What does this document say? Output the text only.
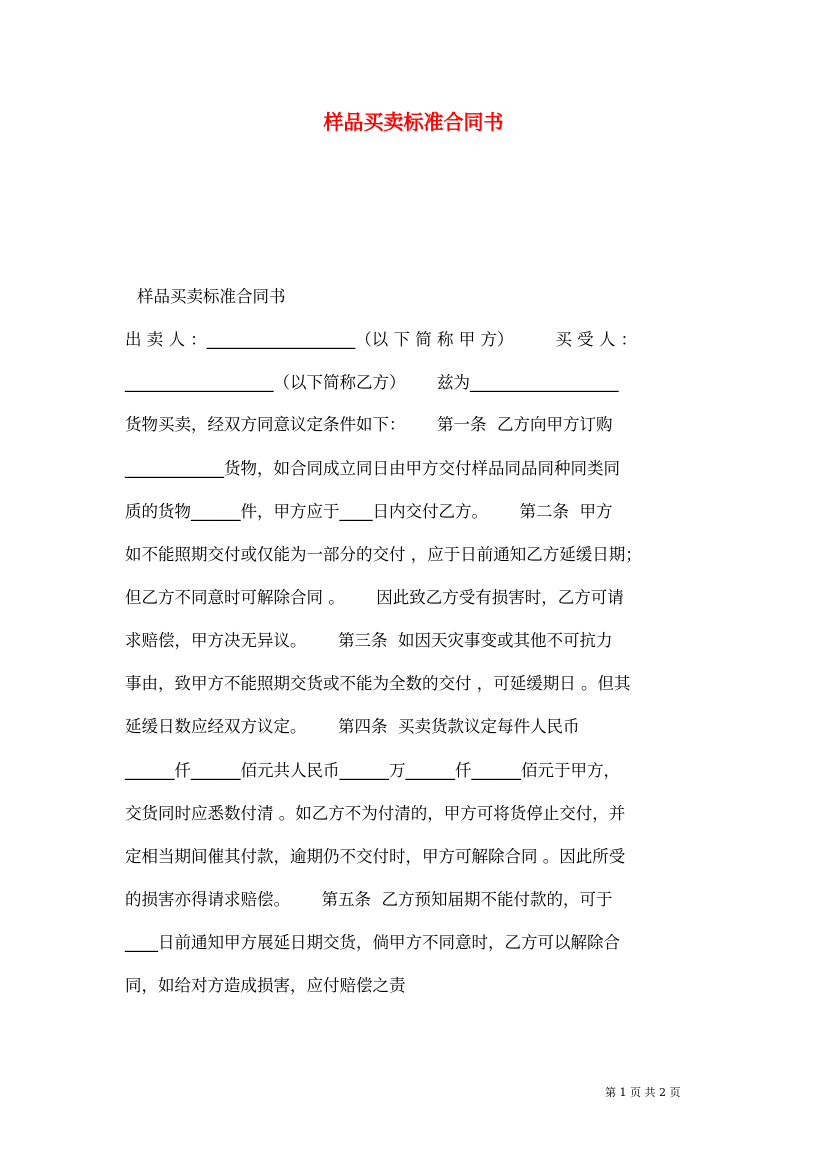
样品买卖标准合同书

样品买卖标准合同书

出 卖 人 ：__________________（以 下 简 称 甲 方）        买 受 人 ：

__________________（以下简称乙方）      兹为__________________

货物买卖，经双方同意议定条件如下：      第一条  乙方向甲方订购

____________货物，如合同成立同日由甲方交付样品同品同种同类同

质的货物______件，甲方应于____日内交付乙方。      第二条  甲方

如不能照期交付或仅能为一部分的交付 ，应于日前通知乙方延缓日期；

但乙方不同意时可解除合同 。      因此致乙方受有损害时，乙方可请

求赔偿，甲方决无异议。      第三条  如因天灾事变或其他不可抗力

事由，致甲方不能照期交货或不能为全数的交付 ，可延缓期日 。但其

延缓日数应经双方议定。      第四条  买卖货款议定每件人民币

______仟______佰元共人民币______万______仟______佰元于甲方，

交货同时应悉数付清 。如乙方不为付清的，甲方可将货停止交付，并

定相当期间催其付款，逾期仍不交付时，甲方可解除合同 。因此所受

的损害亦得请求赔偿。      第五条  乙方预知届期不能付款的，可于

____日前通知甲方展延日期交货，倘甲方不同意时，乙方可以解除合

同，如给对方造成损害，应付赔偿之责

第 1 页 共 2 页
